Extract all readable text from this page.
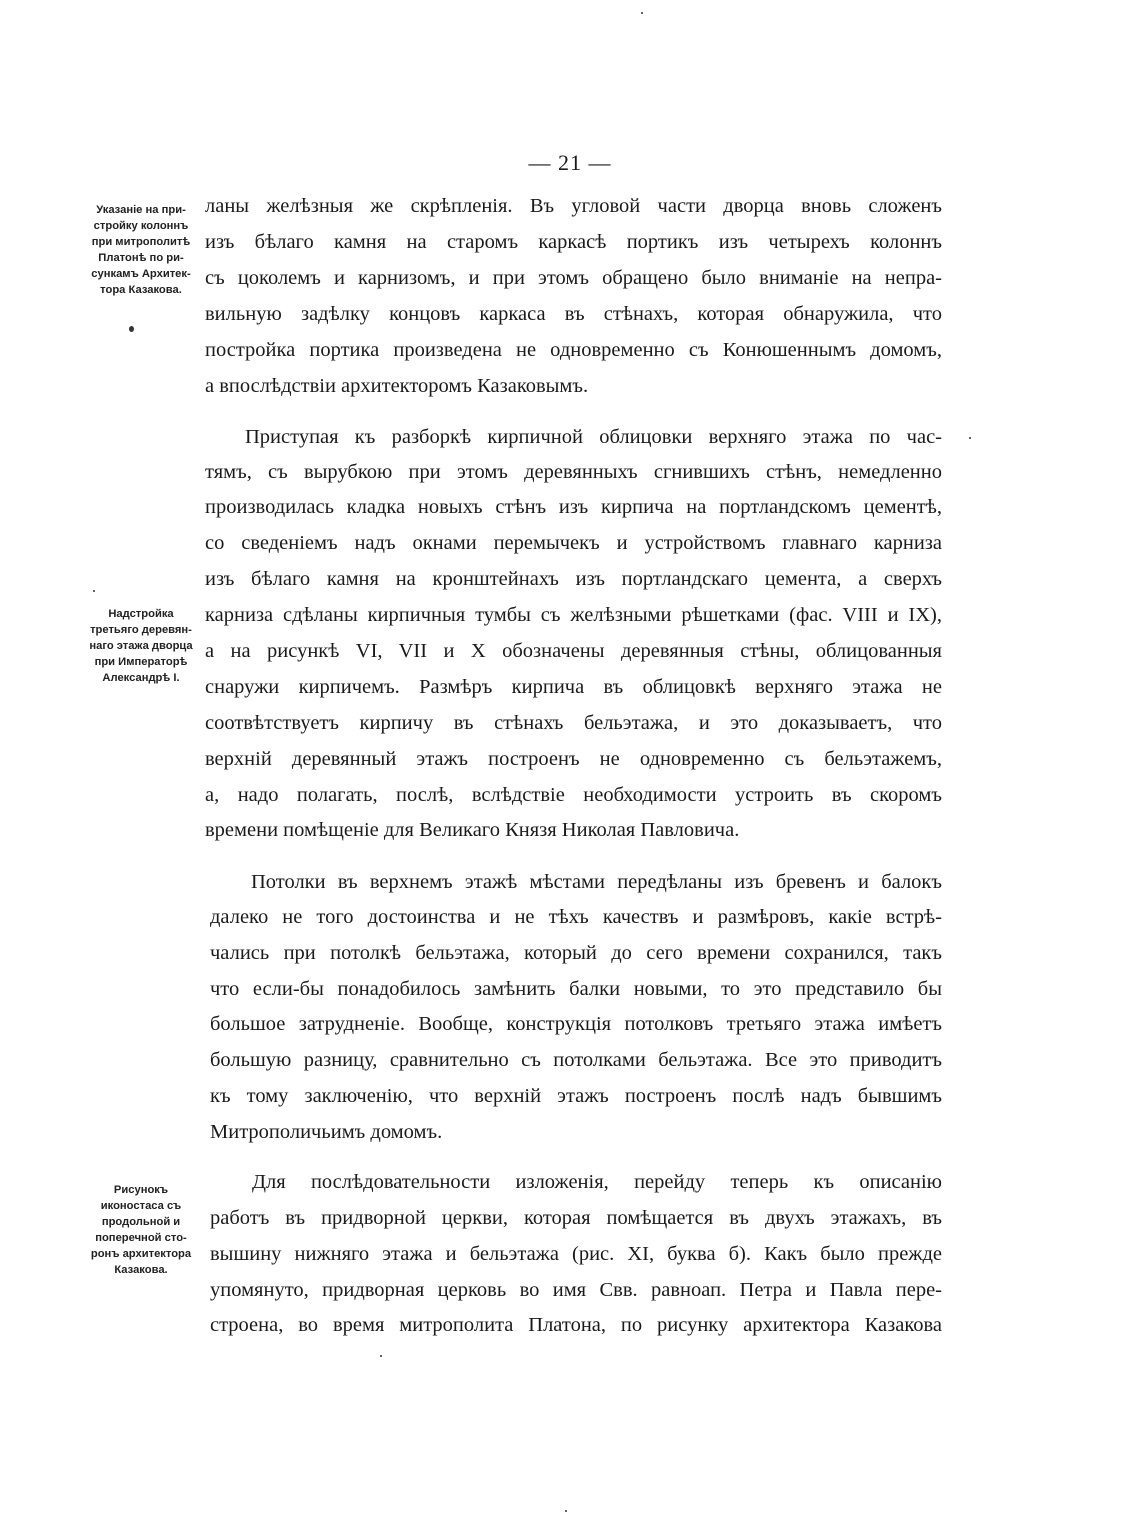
— 21 —
Указаніе на при-
стройку колоннъ
при митрополитѣ
Платонѣ по ри-
сункамъ Архитек-
тора Казакова.
Надстройка
третьяго деревян-
наго этажа дворца
при Императорѣ
Александрѣ I.
Рисунокъ
иконостаса съ
продольной и
поперечной сто-
ронъ архитектора
Казакова.
ланы желѣзныя же скрѣпленія. Въ угловой части дворца вновь сложенъ
изъ бѣлаго камня на старомъ каркасѣ портикъ изъ четырехъ колоннъ
съ цоколемъ и карнизомъ, и при этомъ обращено было вниманіе на непра-
вильную задѣлку концовъ каркаса въ стѣнахъ, которая обнаружила, что
постройка портика произведена не одновременно съ Конюшеннымъ домомъ,
а впослѣдствіи архитекторомъ Казаковымъ.
Приступая къ разборкѣ кирпичной облицовки верхняго этажа по час-
тямъ, съ вырубкою при этомъ деревянныхъ сгнившихъ стѣнъ, немедленно
производилась кладка новыхъ стѣнъ изъ кирпича на портландскомъ цементѣ,
со сведеніемъ надъ окнами перемычекъ и устройствомъ главнаго карниза
изъ бѣлаго камня на кронштейнахъ изъ портландскаго цемента, а сверхъ
карниза сдѣланы кирпичныя тумбы съ желѣзными рѣшетками (фас. VIII и IX),
а на рисункѣ VI, VII и X обозначены деревянныя стѣны, облицованныя
снаружи кирпичемъ. Размѣръ кирпича въ облицовкѣ верхняго этажа не
соотвѣтствуетъ кирпичу въ стѣнахъ бельэтажа, и это доказываетъ, что
верхній деревянный этажъ построенъ не одновременно съ бельэтажемъ,
а, надо полагать, послѣ, вслѣдствіе необходимости устроить въ скоромъ
времени помѣщеніе для Великаго Князя Николая Павловича.
Потолки въ верхнемъ этажѣ мѣстами передѣланы изъ бревенъ и балокъ
далеко не того достоинства и не тѣхъ качествъ и размѣровъ, какіе встрѣ-
чались при потолкѣ бельэтажа, который до сего времени сохранился, такъ
что если-бы понадобилось замѣнить балки новыми, то это представило бы
большое затрудненіе. Вообще, конструкція потолковъ третьяго этажа имѣетъ
большую разницу, сравнительно съ потолками бельэтажа. Все это приводитъ
къ тому заключенію, что верхній этажъ построенъ послѣ надъ бывшимъ
Митрополичьимъ домомъ.
Для послѣдовательности изложенія, перейду теперь къ описанію
работъ въ придворной церкви, которая помѣщается въ двухъ этажахъ, въ
вышину нижняго этажа и бельэтажа (рис. XI, буква б). Какъ было прежде
упомянуто, придворная церковь во имя Свв. равноап. Петра и Павла пере-
строена, во время митрополита Платона, по рисунку архитектора Казакова
